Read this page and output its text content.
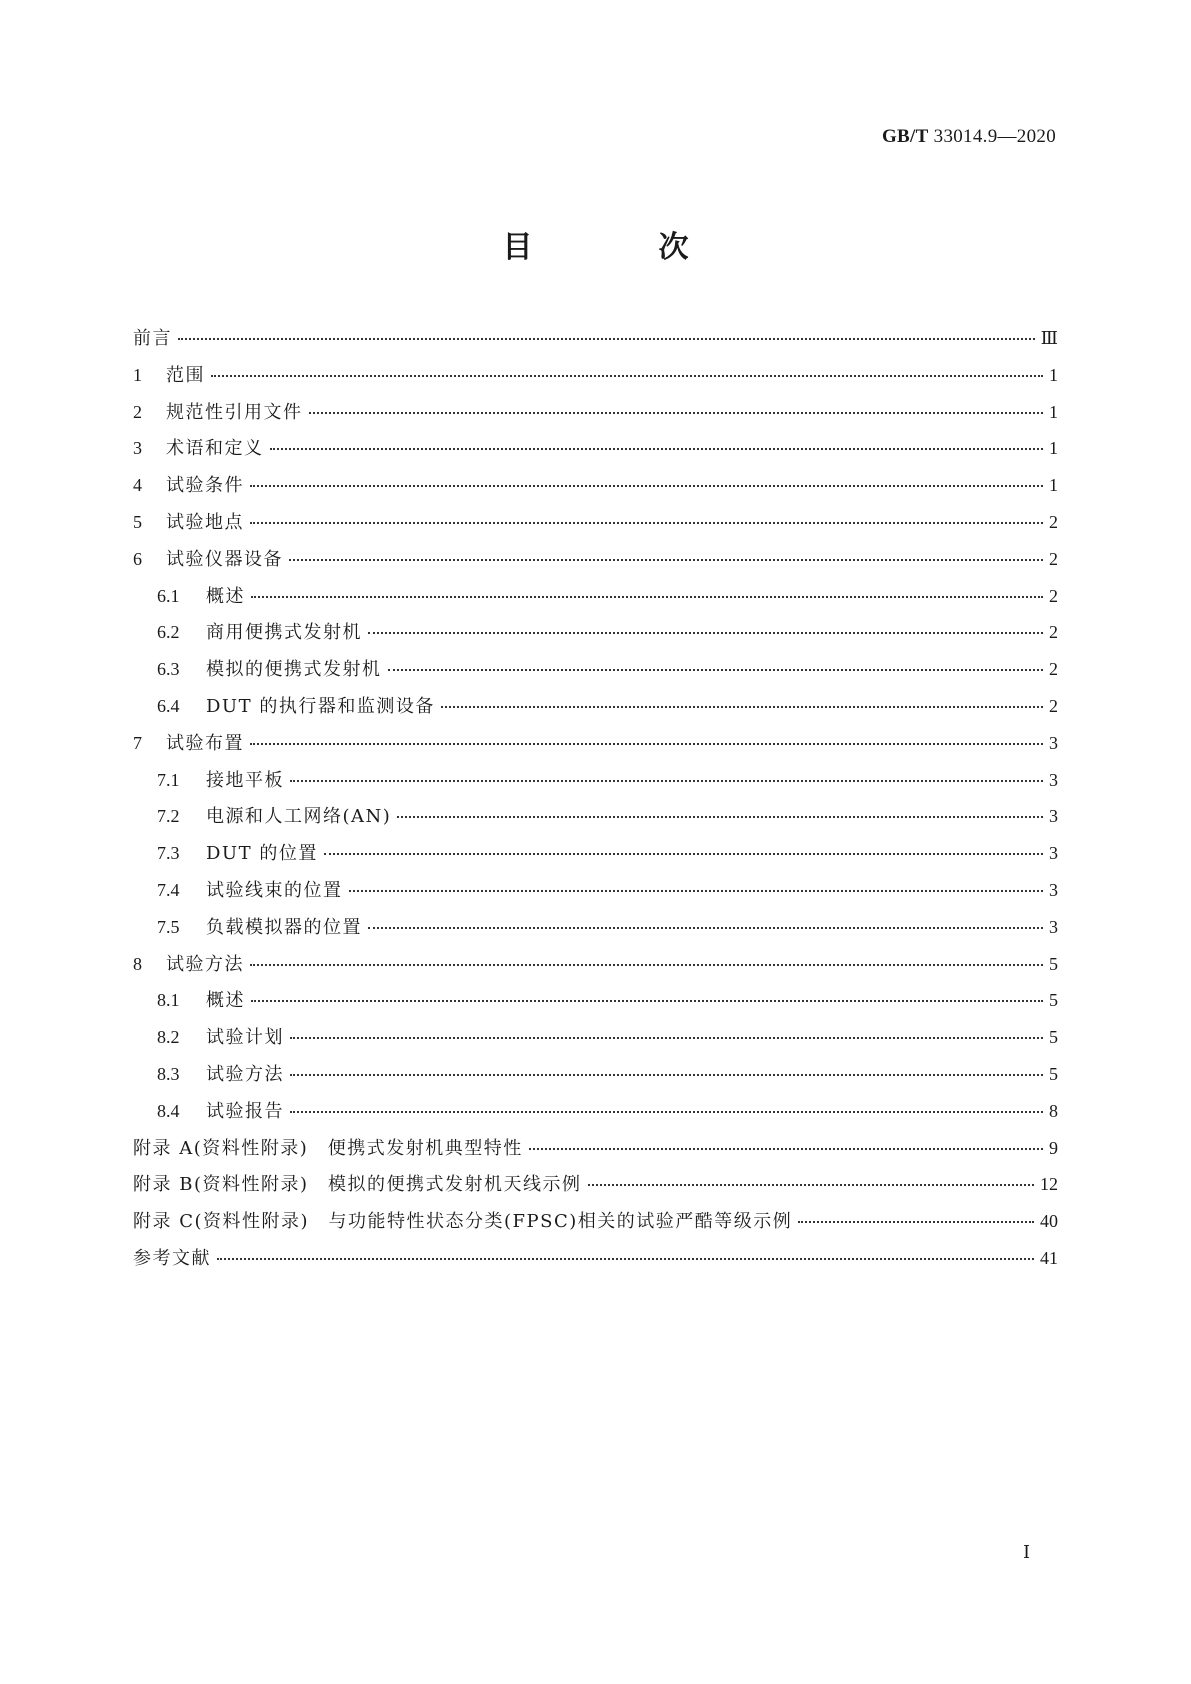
GB/T 33014.9—2020
目　次
前言	Ⅲ
1	范围	1
2	规范性引用文件	1
3	术语和定义	1
4	试验条件	1
5	试验地点	2
6	试验仪器设备	2
6.1	概述	2
6.2	商用便携式发射机	2
6.3	模拟的便携式发射机	2
6.4	DUT 的执行器和监测设备	2
7	试验布置	3
7.1	接地平板	3
7.2	电源和人工网络(AN)	3
7.3	DUT 的位置	3
7.4	试验线束的位置	3
7.5	负载模拟器的位置	3
8	试验方法	5
8.1	概述	5
8.2	试验计划	5
8.3	试验方法	5
8.4	试验报告	8
附录 A(资料性附录)　便携式发射机典型特性	9
附录 B(资料性附录)　模拟的便携式发射机天线示例	12
附录 C(资料性附录)　与功能特性状态分类(FPSC)相关的试验严酷等级示例	40
参考文献	41
Ⅰ
